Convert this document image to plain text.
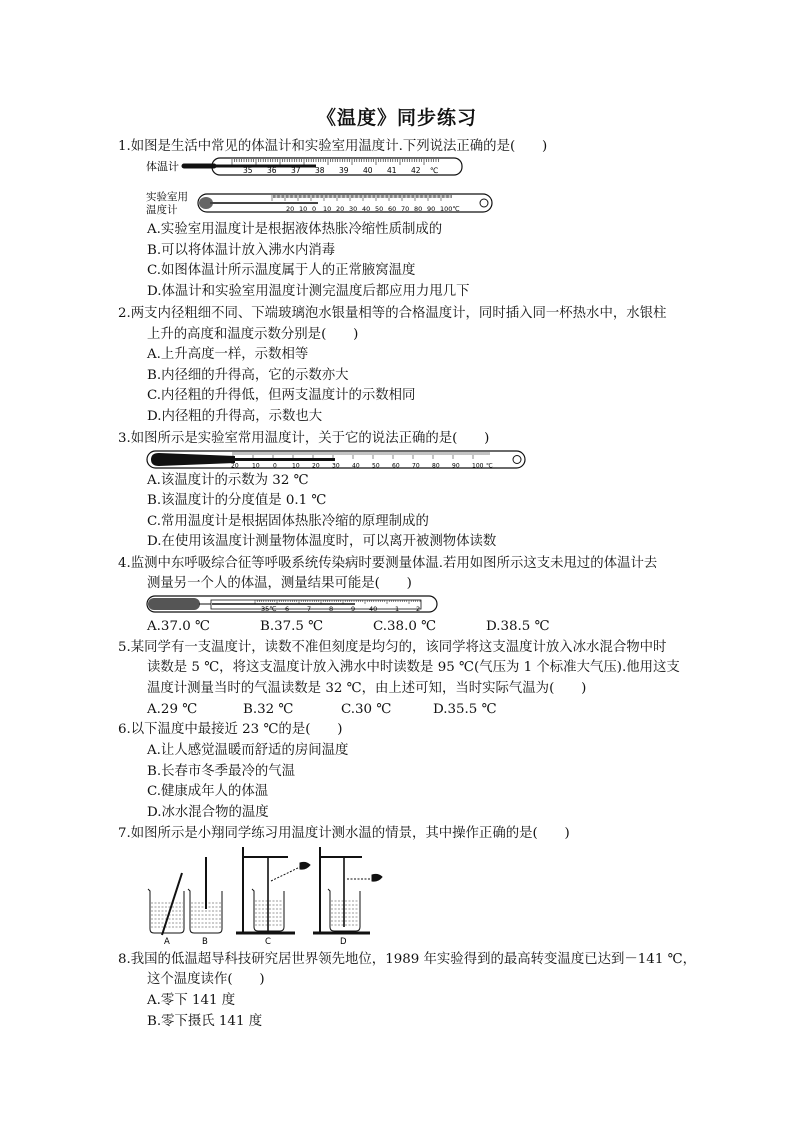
《温度》同步练习
1.如图是生活中常见的体温计和实验室用温度计.下列说法正确的是(　　)
体温计	35 36 37 38 39 40 41 42 ℃
实验室用
温度计	20 10 0 10 20 30 40 50 60 70 80 90 100℃
A.实验室用温度计是根据液体热胀冷缩性质制成的
B.可以将体温计放入沸水内消毒
C.如图体温计所示温度属于人的正常腋窝温度
D.体温计和实验室用温度计测完温度后都应用力甩几下
2.两支内径粗细不同、下端玻璃泡水银量相等的合格温度计，同时插入同一杯热水中，水银柱
上升的高度和温度示数分别是(　　)
A.上升高度一样，示数相等
B.内径细的升得高，它的示数亦大
C.内径粗的升得低，但两支温度计的示数相同
D.内径粗的升得高，示数也大
3.如图所示是实验室常用温度计，关于它的说法正确的是(　　)
20 10 0	10 20 30 40 50 60 70 80 90 100 ℃
A.该温度计的示数为 32 ℃
B.该温度计的分度值是 0.1 ℃
C.常用温度计是根据固体热胀冷缩的原理制成的
D.在使用该温度计测量物体温度时，可以离开被测物体读数
4.监测中东呼吸综合征等呼吸系统传染病时要测量体温.若用如图所示这支未甩过的体温计去
测量另一个人的体温，测量结果可能是(　　)
35℃ 6	7	8	9 40	1	2
A.37.0 ℃	B.37.5 ℃	C.38.0 ℃	D.38.5 ℃
5.某同学有一支温度计，读数不准但刻度是均匀的，该同学将这支温度计放入冰水混合物中时
读数是 5 ℃，将这支温度计放入沸水中时读数是 95 ℃(气压为 1 个标准大气压).他用这支
温度计测量当时的气温读数是 32 ℃，由上述可知，当时实际气温为(　　)
A.29 ℃	B.32 ℃	C.30 ℃	D.35.5 ℃
6.以下温度中最接近 23 ℃的是(　　)
A.让人感觉温暖而舒适的房间温度
B.长春市冬季最冷的气温
C.健康成年人的体温
D.冰水混合物的温度
7.如图所示是小翔同学练习用温度计测水温的情景，其中操作正确的是(　　)
A	B	C	D
8.我国的低温超导科技研究居世界领先地位，1989 年实验得到的最高转变温度已达到－141 ℃，
这个温度读作(　　)
A.零下 141 度
B.零下摄氏 141 度
